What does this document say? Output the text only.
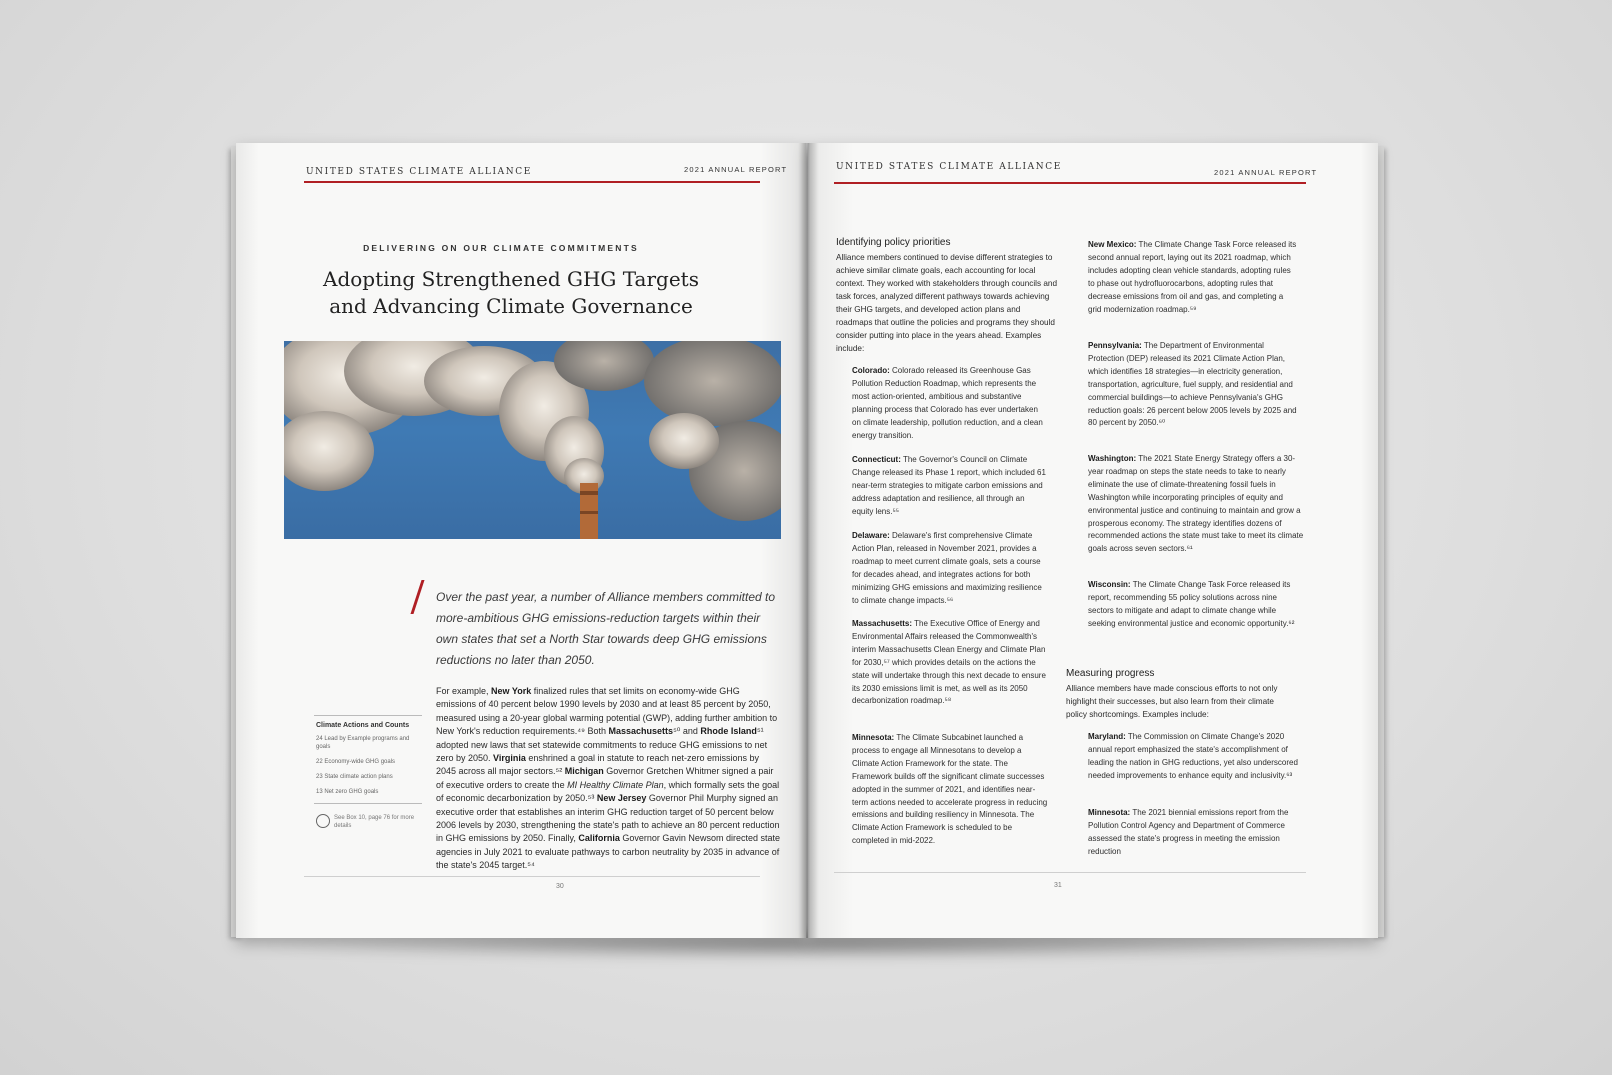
UNITED STATES CLIMATE ALLIANCE	2021 ANNUAL REPORT
DELIVERING ON OUR CLIMATE COMMITMENTS
Adopting Strengthened GHG Targets
and Advancing Climate Governance
Over the past year, a number of Alliance members committed to more-ambitious GHG emissions-reduction targets within their own states that set a North Star towards deep GHG emissions reductions no later than 2050.
For example, New York finalized rules that set limits on economy-wide GHG emissions of 40 percent below 1990 levels by 2030 and at least 85 percent by 2050, measured using a 20-year global warming potential (GWP), adding further ambition to New York's reduction requirements.⁴⁹ Both Massachusetts⁵⁰ and Rhode Island⁵¹ adopted new laws that set statewide commitments to reduce GHG emissions to net zero by 2050. Virginia enshrined a goal in statute to reach net-zero emissions by 2045 across all major sectors.⁵² Michigan Governor Gretchen Whitmer signed a pair of executive orders to create the MI Healthy Climate Plan, which formally sets the goal of economic decarbonization by 2050.⁵³ New Jersey Governor Phil Murphy signed an executive order that establishes an interim GHG reduction target of 50 percent below 2006 levels by 2030, strengthening the state's path to achieve an 80 percent reduction in GHG emissions by 2050. Finally, California Governor Gavin Newsom directed state agencies in July 2021 to evaluate pathways to carbon neutrality by 2035 in advance of the state's 2045 target.⁵⁴
Climate Actions and Counts
24 Lead by Example programs and goals
22 Economy-wide GHG goals
23 State climate action plans
13 Net zero GHG goals
See Box 10, page 76 for more details
30
UNITED STATES CLIMATE ALLIANCE
2021 ANNUAL REPORT
Identifying policy priorities
Alliance members continued to devise different strategies to achieve similar climate goals, each accounting for local context. They worked with stakeholders through councils and task forces, analyzed different pathways towards achieving their GHG targets, and developed action plans and roadmaps that outline the policies and programs they should consider putting into place in the years ahead. Examples include:
Colorado: Colorado released its Greenhouse Gas Pollution Reduction Roadmap, which represents the most action-oriented, ambitious and substantive planning process that Colorado has ever undertaken on climate leadership, pollution reduction, and a clean energy transition.
Connecticut: The Governor's Council on Climate Change released its Phase 1 report, which included 61 near-term strategies to mitigate carbon emissions and address adaptation and resilience, all through an equity lens.⁵⁵
Delaware: Delaware's first comprehensive Climate Action Plan, released in November 2021, provides a roadmap to meet current climate goals, sets a course for decades ahead, and integrates actions for both minimizing GHG emissions and maximizing resilience to climate change impacts.⁵⁶
Massachusetts: The Executive Office of Energy and Environmental Affairs released the Commonwealth's interim Massachusetts Clean Energy and Climate Plan for 2030,⁵⁷ which provides details on the actions the state will undertake through this next decade to ensure its 2030 emissions limit is met, as well as its 2050 decarbonization roadmap.⁵⁸
Minnesota: The Climate Subcabinet launched a process to engage all Minnesotans to develop a Climate Action Framework for the state. The Framework builds off the significant climate successes adopted in the summer of 2021, and identifies near-term actions needed to accelerate progress in reducing emissions and building resiliency in Minnesota. The Climate Action Framework is scheduled to be completed in mid-2022.
New Mexico: The Climate Change Task Force released its second annual report, laying out its 2021 roadmap, which includes adopting clean vehicle standards, adopting rules to phase out hydrofluorocarbons, adopting rules that decrease emissions from oil and gas, and completing a grid modernization roadmap.⁵⁹
Pennsylvania: The Department of Environmental Protection (DEP) released its 2021 Climate Action Plan, which identifies 18 strategies—in electricity generation, transportation, agriculture, fuel supply, and residential and commercial buildings—to achieve Pennsylvania's GHG reduction goals: 26 percent below 2005 levels by 2025 and 80 percent by 2050.⁶⁰
Washington: The 2021 State Energy Strategy offers a 30-year roadmap on steps the state needs to take to nearly eliminate the use of climate-threatening fossil fuels in Washington while incorporating principles of equity and environmental justice and continuing to maintain and grow a prosperous economy. The strategy identifies dozens of recommended actions the state must take to meet its climate goals across seven sectors.⁶¹
Wisconsin: The Climate Change Task Force released its report, recommending 55 policy solutions across nine sectors to mitigate and adapt to climate change while seeking environmental justice and economic opportunity.⁶²
Measuring progress
Alliance members have made conscious efforts to not only highlight their successes, but also learn from their climate policy shortcomings. Examples include:
Maryland: The Commission on Climate Change's 2020 annual report emphasized the state's accomplishment of leading the nation in GHG reductions, yet also underscored needed improvements to enhance equity and inclusivity.⁶³
Minnesota: The 2021 biennial emissions report from the Pollution Control Agency and Department of Commerce assessed the state's progress in meeting the emission reduction
31
